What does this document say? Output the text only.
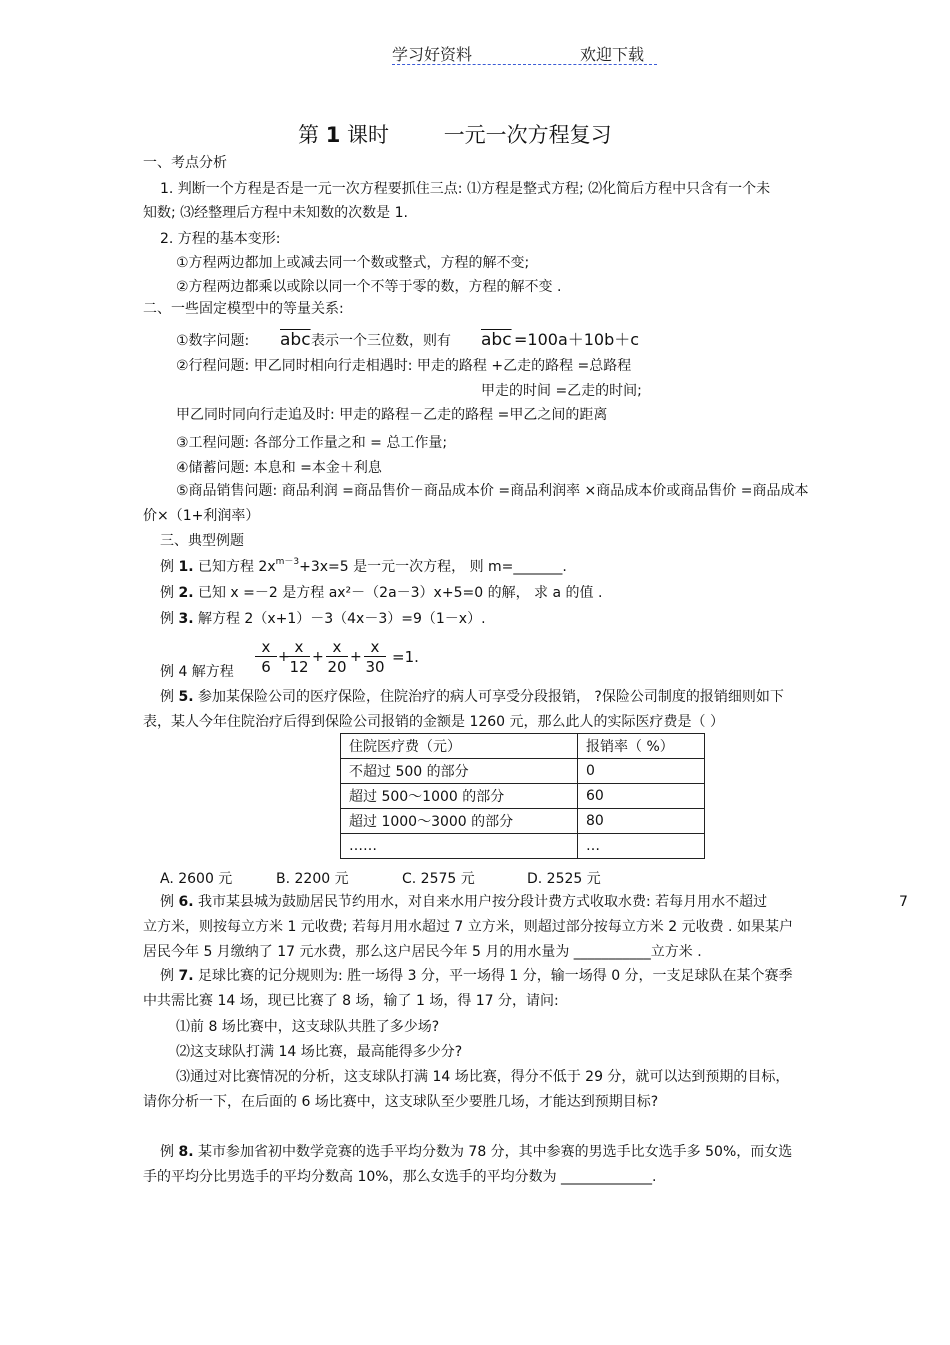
学习好资料	欢迎下载
第 1 课时	一元一次方程复习
一、考点分析
1. 判断一个方程是否是一元一次方程要抓住三点: ⑴方程是整式方程; ⑵化简后方程中只含有一个未
知数; ⑶经整理后方程中未知数的次数是 1.
2. 方程的基本变形:
①方程两边都加上或减去同一个数或整式，方程的解不变;
②方程两边都乘以或除以同一个不等于零的数，方程的解不变 .
二、一些固定模型中的等量关系:
①数字问题: $\overline{abc}$ 表示一个三位数，则有 $\overline{abc} =100a+10b+c$
②行程问题: 甲乙同时相向行走相遇时: 甲走的路程 +乙走的路程 =总路程
甲走的时间 =乙走的时间;
甲乙同时同向行走追及时: 甲走的路程－乙走的路程 =甲乙之间的距离
③工程问题: 各部分工作量之和 = 总工作量;
④储蓄问题: 本息和 =本金＋利息
⑤商品销售问题: 商品利润 =商品售价－商品成本价 =商品利润率 ×商品成本价或商品售价 =商品成本
价×（1+利润率）
三、典型例题
例 1. 已知方程 $2x^{m-3}+3x=5$ 是一元一次方程， 则 m=_______.
例 2. 已知 x =－2 是方程 ax²－（2a－3）x+5=0 的解， 求 a 的值 .
例 3. 解方程 2（x+1）－3（4x－3）=9（1－x）.
例 4 解方程 $\frac{x}{6}$ +
$\frac{x}{12} + \frac{x}{20} + \frac{x}{30} =1$.
例 5. 参加某保险公司的医疗保险，住院治疗的病人可享受分段报销， ?保险公司制度的报销细则如下
表，某人今年住院治疗后得到保险公司报销的金额是 1260 元，那么此人的实际医疗费是（ ）
住院医疗费（元）	报销率（ %）
不超过 500 的部分	0
超过 500～1000 的部分	60
超过 1000～3000 的部分	80
……	…
A. 2600 元	B. 2200 元	C. 2575 元	D. 2525 元
例 6. 我市某县城为鼓励居民节约用水，对自来水用户按分段计费方式收取水费: 若每月用水不超过	7
立方米，则按每立方米 1 元收费; 若每月用水超过 7 立方米，则超过部分按每立方米 2 元收费 . 如果某户
居民今年 5 月缴纳了 17 元水费，那么这户居民今年 5 月的用水量为 ___________立方米 .
例 7. 足球比赛的记分规则为: 胜一场得 3 分，平一场得 1 分，输一场得 0 分，一支足球队在某个赛季
中共需比赛 14 场，现已比赛了 8 场，输了 1 场，得 17 分，请问:
⑴前 8 场比赛中，这支球队共胜了多少场?
⑵这支球队打满 14 场比赛，最高能得多少分?
⑶通过对比赛情况的分析，这支球队打满 14 场比赛，得分不低于 29 分，就可以达到预期的目标，
请你分析一下，在后面的 6 场比赛中，这支球队至少要胜几场，才能达到预期目标?
例 8. 某市参加省初中数学竞赛的选手平均分数为 78 分，其中参赛的男选手比女选手多 50%，而女选
手的平均分比男选手的平均分数高 10%，那么女选手的平均分数为 _____________.
